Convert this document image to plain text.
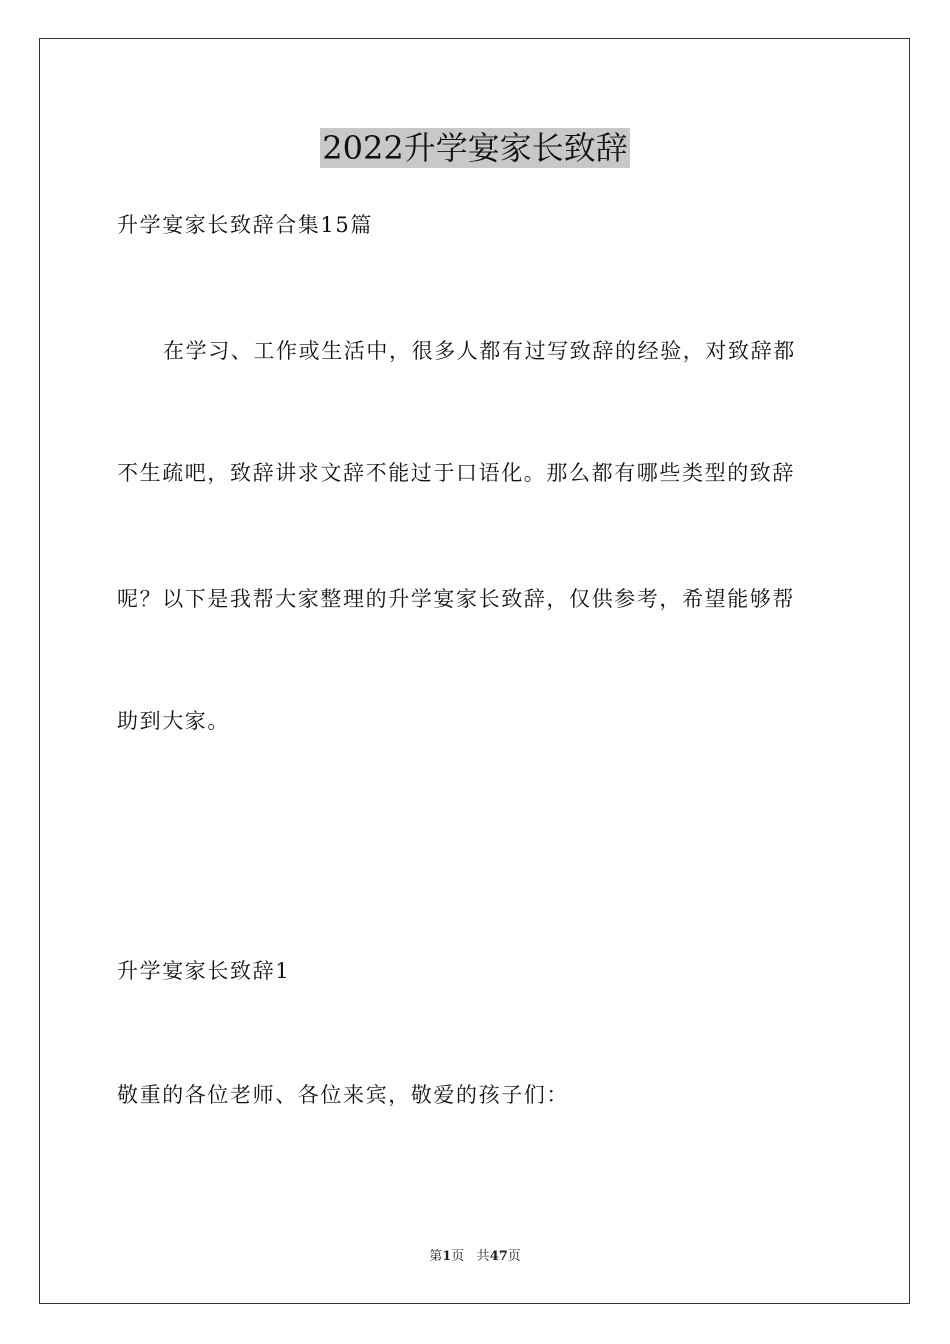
2022升学宴家长致辞
升学宴家长致辞合集15篇
在学习、工作或生活中，很多人都有过写致辞的经验，对致辞都
不生疏吧，致辞讲求文辞不能过于口语化。那么都有哪些类型的致辞
呢？以下是我帮大家整理的升学宴家长致辞，仅供参考，希望能够帮
助到大家。
升学宴家长致辞1
敬重的各位老师、各位来宾，敬爱的孩子们：
第1页 共47页
